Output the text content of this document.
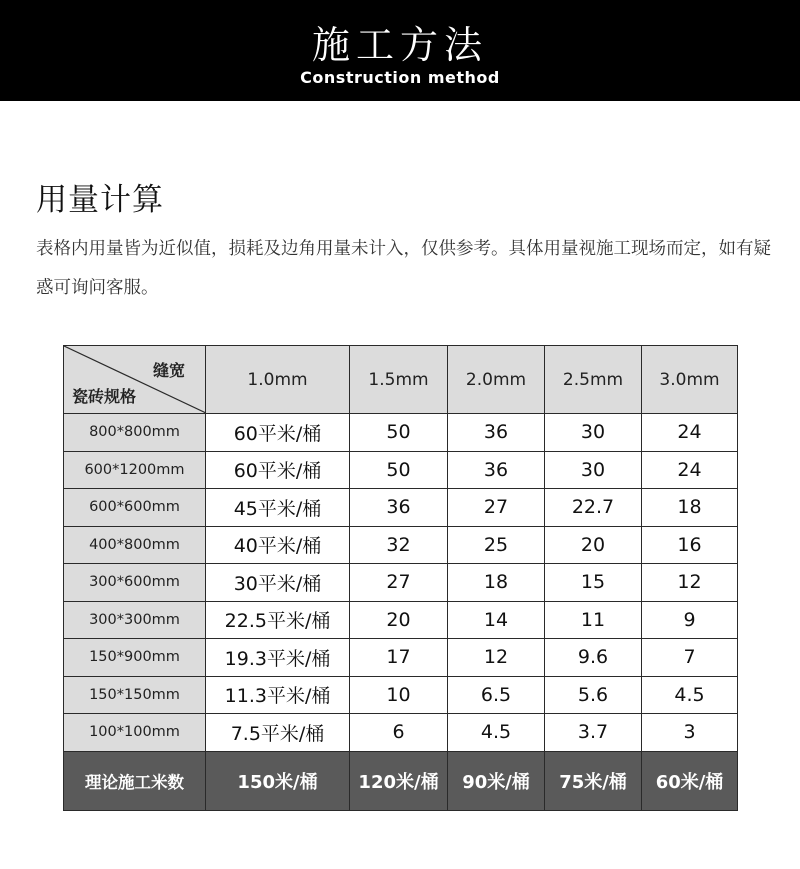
施工方法
Construction method
用量计算
表格内用量皆为近似值，损耗及边角用量未计入，仅供参考。具体用量视施工现场而定，如有疑惑可询问客服。
缝宽
瓷砖规格	1.0mm	1.5mm	2.0mm	2.5mm	3.0mm
800*800mm	60平米/桶	50	36	30	24
600*1200mm	60平米/桶	50	36	30	24
600*600mm	45平米/桶	36	27	22.7	18
400*800mm	40平米/桶	32	25	20	16
300*600mm	30平米/桶	27	18	15	12
300*300mm	22.5平米/桶	20	14	11	9
150*900mm	19.3平米/桶	17	12	9.6	7
150*150mm	11.3平米/桶	10	6.5	5.6	4.5
100*100mm	7.5平米/桶	6	4.5	3.7	3
理论施工米数	150米/桶	120米/桶	90米/桶	75米/桶	60米/桶
